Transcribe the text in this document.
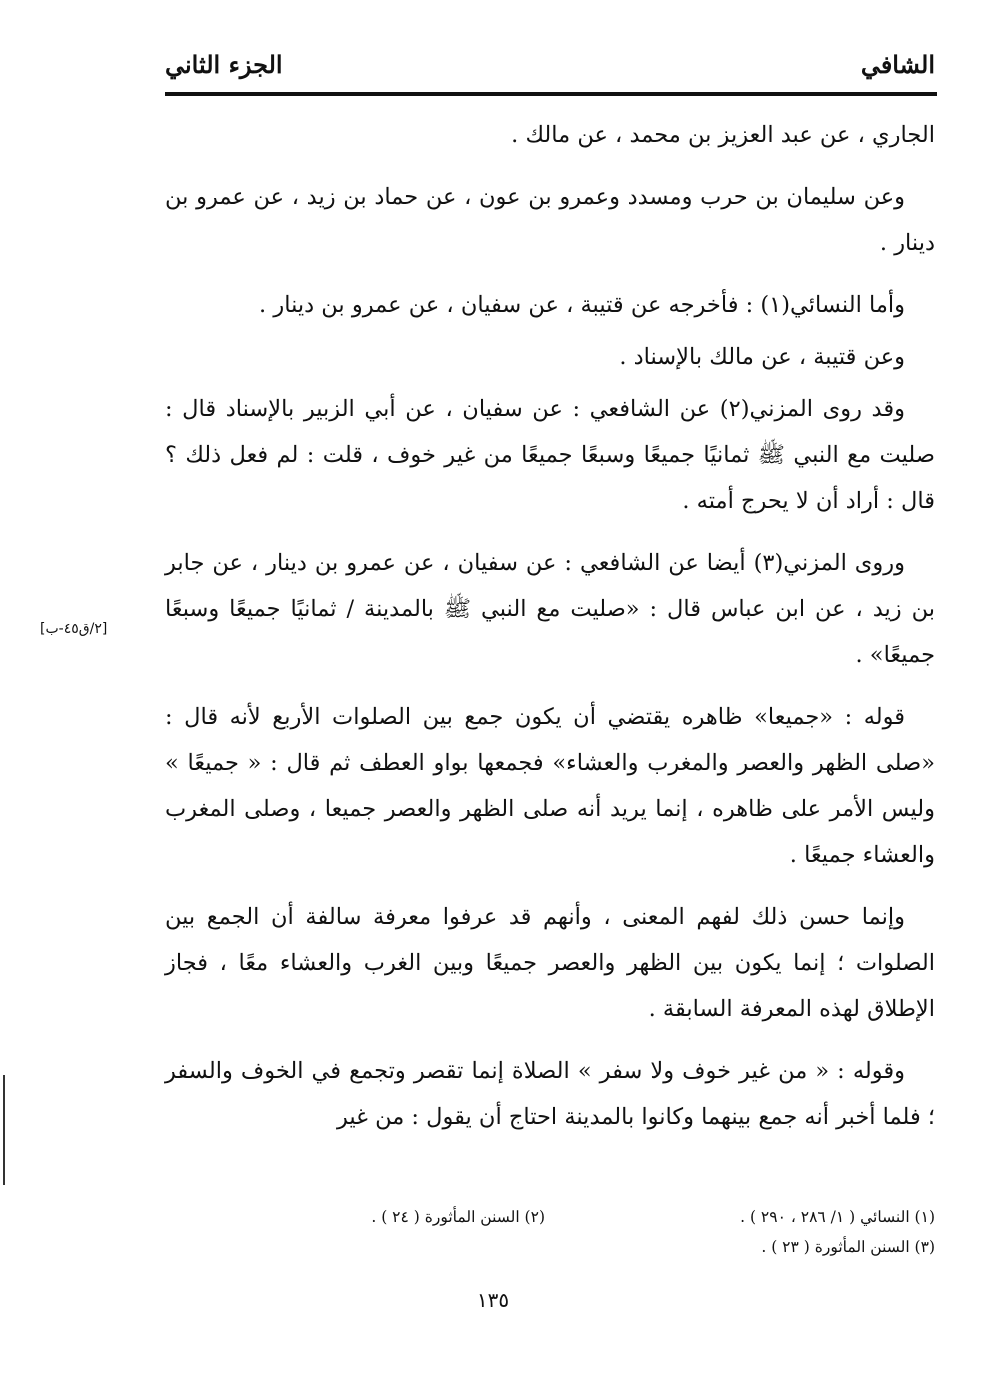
الشافي
الجزء الثاني

الجاري ، عن عبد العزيز بن محمد ، عن مالك .

وعن سليمان بن حرب ومسدد وعمرو بن عون ، عن حماد بن زيد ، عن عمرو بن دينار .

وأما النسائي(١) : فأخرجه عن قتيبة ، عن سفيان ، عن عمرو بن دينار .

وعن قتيبة ، عن مالك بالإسناد .

وقد روى المزني(٢) عن الشافعي : عن سفيان ، عن أبي الزبير بالإسناد قال : صليت مع النبي ﷺ ثمانيًا جميعًا وسبعًا جميعًا من غير خوف ، قلت : لم فعل ذلك ؟ قال : أراد أن لا يحرج أمته .

وروى المزني(٣) أيضا عن الشافعي : عن سفيان ، عن عمرو بن دينار ، عن جابر بن زيد ، عن ابن عباس قال : «صليت مع النبي ﷺ بالمدينة / ثمانيًا جميعًا وسبعًا جميعًا» .

قوله : «جميعا» ظاهره يقتضي أن يكون جمع بين الصلوات الأربع لأنه قال : «صلى الظهر والعصر والمغرب والعشاء» فجمعها بواو العطف ثم قال : « جميعًا » وليس الأمر على ظاهره ، إنما يريد أنه صلى الظهر والعصر جميعا ، وصلى المغرب والعشاء جميعًا .

وإنما حسن ذلك لفهم المعنى ، وأنهم قد عرفوا معرفة سالفة أن الجمع بين الصلوات ؛ إنما يكون بين الظهر والعصر جميعًا وبين الغرب والعشاء معًا ، فجاز الإطلاق لهذه المعرفة السابقة .

وقوله : « من غير خوف ولا سفر » الصلاة إنما تقصر وتجمع في الخوف والسفر ؛ فلما أخبر أنه جمع بينهما وكانوا بالمدينة احتاج أن يقول : من غير

[٢/ق٤٥-ب]
(١) النسائي ( ١/ ٢٨٦ ، ٢٩٠ ) .
(٢) السنن المأثورة ( ٢٤ ) .
(٣) السنن المأثورة ( ٢٣ ) .
١٣٥
